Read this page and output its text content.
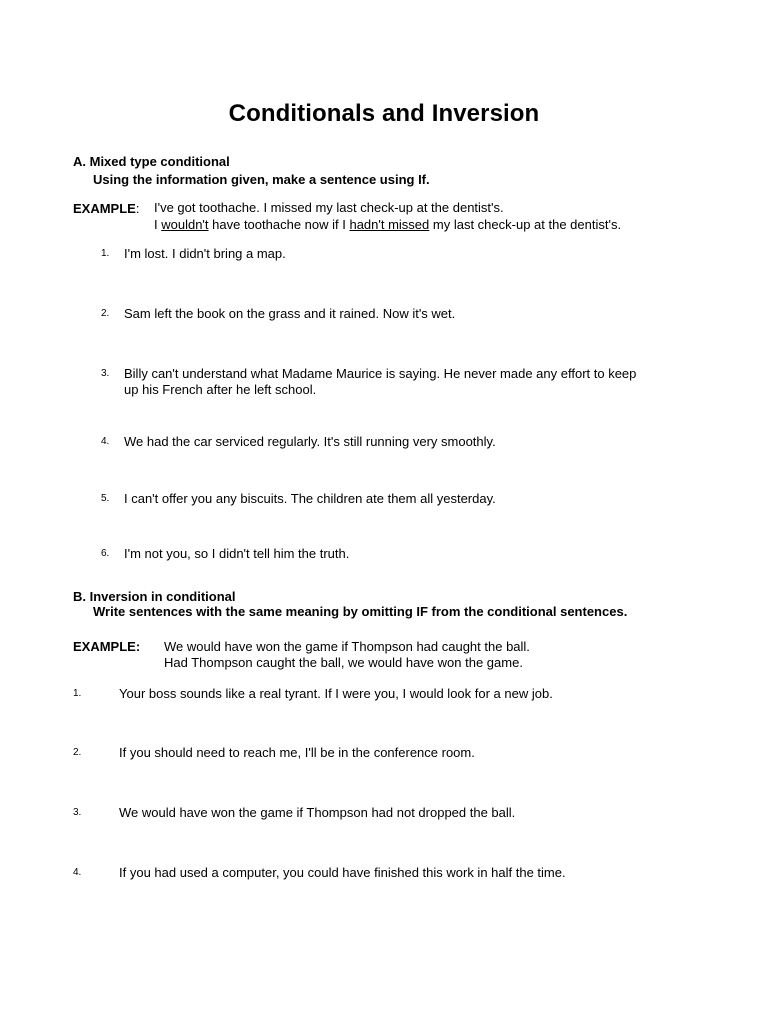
Conditionals and Inversion
A. Mixed type conditional
Using the information given, make a sentence using If.
EXAMPLE: I've got toothache. I missed my last check-up at the dentist's.
I wouldn't have toothache now if I hadn't missed my last check-up at the dentist's.
1. I'm lost. I didn't bring a map.
2. Sam left the book on the grass and it rained. Now it's wet.
3. Billy can't understand what Madame Maurice is saying. He never made any effort to keep
up his French after he left school.
4. We had the car serviced regularly. It's still running very smoothly.
5. I can't offer you any biscuits. The children ate them all yesterday.
6. I'm not you, so I didn't tell him the truth.
B. Inversion in conditional
Write sentences with the same meaning by omitting IF from the conditional sentences.
EXAMPLE: We would have won the game if Thompson had caught the ball.
Had Thompson caught the ball, we would have won the game.
1.	Your boss sounds like a real tyrant. If I were you, I would look for a new job.
2.	If you should need to reach me, I'll be in the conference room.
3.	We would have won the game if Thompson had not dropped the ball.
4.	If you had used a computer, you could have finished this work in half the time.
